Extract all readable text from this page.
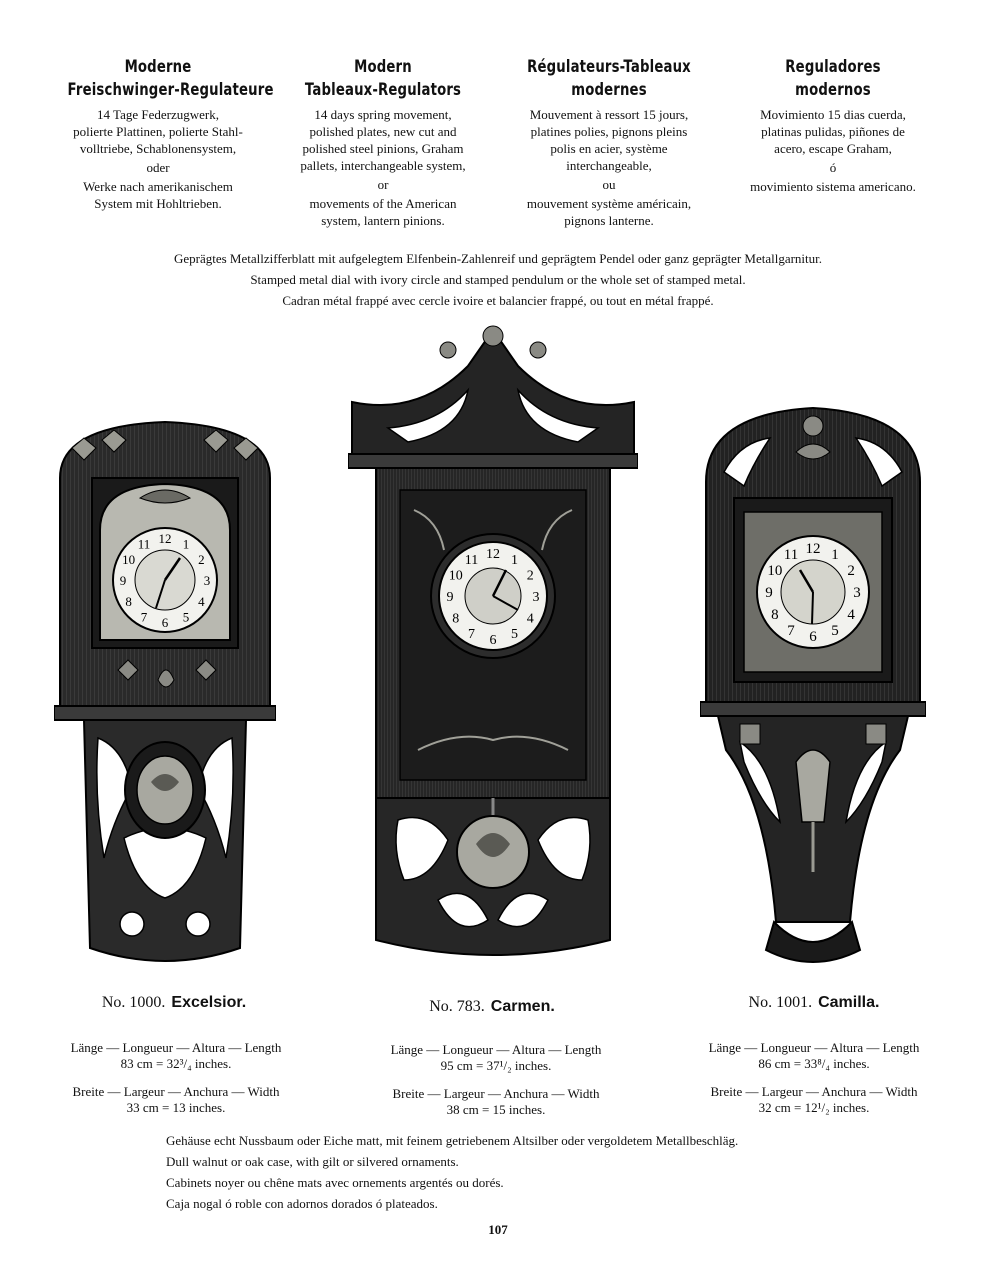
Moderne
Freischwinger-Regulateure
14 Tage Federzugwerk,
polierte Plattinen, polierte Stahl-
volltriebe, Schablonensystem,
oder
Werke nach amerikanischem
System mit Hohltrieben.
Modern
Tableaux-Regulators
14 days spring movement,
polished plates, new cut and
polished steel pinions, Graham
pallets, interchangeable system,
or
movements of the American
system, lantern pinions.
Régulateurs-Tableaux
modernes
Mouvement à ressort 15 jours,
platines polies, pignons pleins
polis en acier, système
interchangeable,
ou
mouvement système américain,
pignons lanterne.
Reguladores
modernos
Movimiento 15 dias cuerda,
platinas pulidas, piñones de
acero, escape Graham,
ó
movimiento sistema americano.
Geprägtes Metallzifferblatt mit aufgelegtem Elfenbein-Zahlenreif und geprägtem Pendel oder ganz geprägter Metallgarnitur.
Stamped metal dial with ivory circle and stamped pendulum or the whole set of stamped metal.
Cadran métal frappé avec cercle ivoire et balancier frappé, ou tout en métal frappé.
12 1
2
3
4
5
6
7
8
9
10
11
12 1
2
3
4
5
6
7
8
9
10
11
12 1
2
3
4
5
6
7
8
9
10
11
No. 1000. Excelsior.	No. 783. Carmen.	No. 1001. Camilla.
Länge — Longueur — Altura — Length
83 cm = 32³/₄ inches.
Breite — Largeur — Anchura — Width
33 cm = 13 inches.
Länge — Longueur — Altura — Length
95 cm = 37¹/₂ inches.
Breite — Largeur — Anchura — Width
38 cm = 15 inches.
Länge — Longueur — Altura — Length
86 cm = 33⁸/₄ inches.
Breite — Largeur — Anchura — Width
32 cm = 12¹/₂ inches.
Gehäuse echt Nussbaum oder Eiche matt, mit feinem getriebenem Altsilber oder vergoldetem Metallbeschläg.
Dull walnut or oak case, with gilt or silvered ornaments.
Cabinets noyer ou chêne mats avec ornements argentés ou dorés.
Caja nogal ó roble con adornos dorados ó plateados.
107
